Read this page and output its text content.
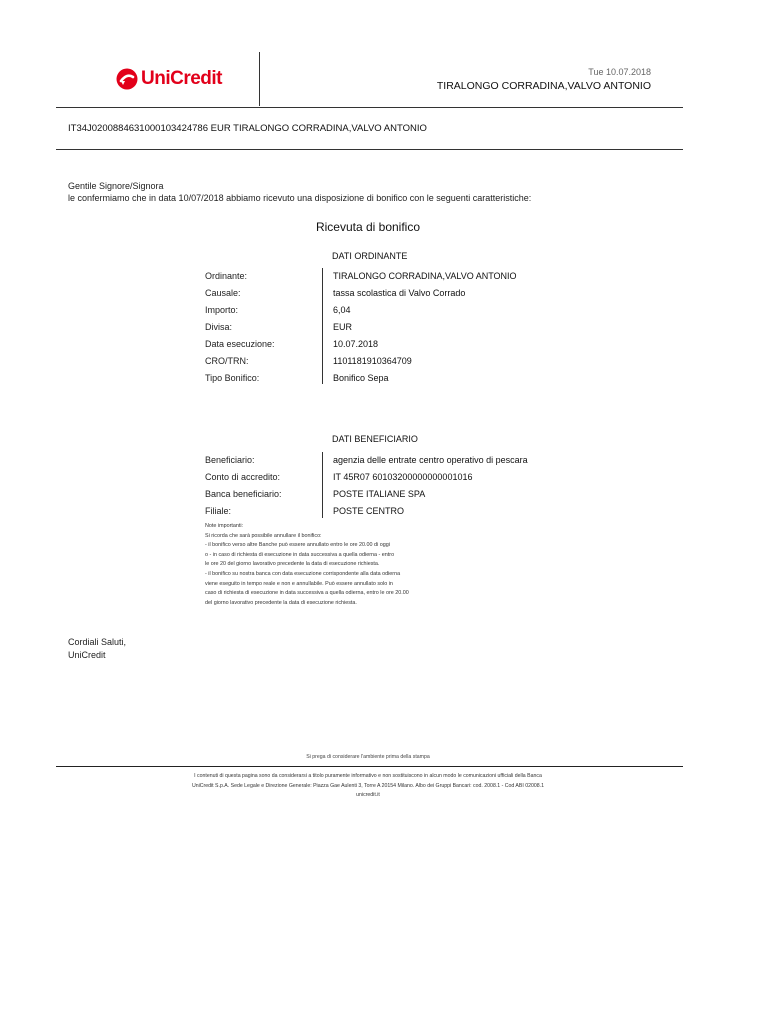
UniCredit	Tue 10.07.2018
TIRALONGO CORRADINA,VALVO ANTONIO
IT34J0200884631000103424786 EUR TIRALONGO CORRADINA,VALVO ANTONIO
Gentile Signore/Signora
le confermiamo che in data 10/07/2018 abbiamo ricevuto una disposizione di bonifico con le seguenti caratteristiche:
Ricevuta di bonifico
DATI ORDINANTE
Ordinante:	TIRALONGO CORRADINA,VALVO ANTONIO
Causale:	tassa scolastica di Valvo Corrado
Importo:	6,04
Divisa:	EUR
Data esecuzione:	10.07.2018
CRO/TRN:	1101181910364709
Tipo Bonifico:	Bonifico Sepa
DATI BENEFICIARIO
Beneficiario:	agenzia delle entrate centro operativo di pescara
Conto di accredito:	IT 45R07 60103200000000001016
Banca beneficiario:	POSTE ITALIANE SPA
Filiale:	POSTE CENTRO
Note importanti:
Si ricorda che sarà possibile annullare il bonifico:
- il bonifico verso altre Banche può essere annullato entro le ore 20.00 di oggi
o - in caso di richiesta di esecuzione in data successiva a quella odierna - entro
le ore 20 del giorno lavorativo precedente la data di esecuzione richiesta.
- il bonifico su nostra banca con data esecuzione corrispondente alla data odierna
viene eseguito in tempo reale e non e annullabile. Può essere annullato solo in
caso di richiesta di esecuzione in data successiva a quella odierna, entro le ore 20.00
del giorno lavorativo precedente la data di esecuzione richiesta.
Cordiali Saluti,
UniCredit
Si prega di considerare l'ambiente prima della stampa
I contenuti di questa pagina sono da considerarsi a titolo puramente informativo e non sostituiscono in alcun modo le comunicazioni ufficiali della Banca
UniCredit S.p.A. Sede Legale e Direzione Generale: Piazza Gae Aulenti 3, Torre A 20154 Milano. Albo dei Gruppi Bancari: cod. 2008.1 - Cod ABI 02008.1
unicredit.it
